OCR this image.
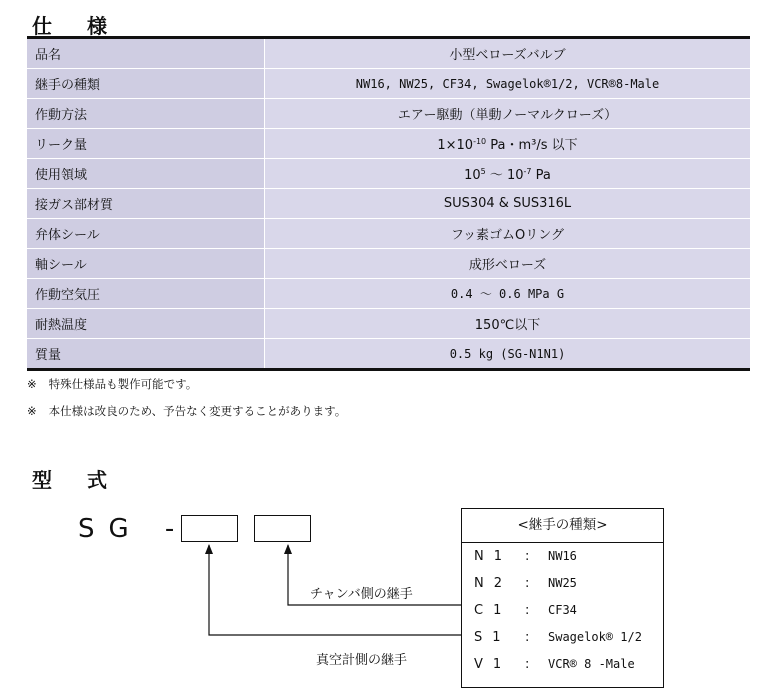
仕 様
品名	小型ベローズバルブ
継手の種類	NW16, NW25, CF34, Swagelok®1/2, VCR®8-Male
作動方法	エアー駆動（単動ノーマルクローズ）
リーク量	$1\times 10^{-10}$ Pa・m³/s 以下
使用領域	$10^5$ ～ $10^{-7}$ Pa
接ガス部材質	SUS304 & SUS316L
弁体シール	フッ素ゴムOリング
軸シール	成形ベローズ
作動空気圧	0.4 ～ 0.6 MPa G
耐熱温度	150℃以下
質量	0.5 kg (SG-N1N1)
※ 特殊仕様品も製作可能です。
※ 本仕様は改良のため、予告なく変更することがあります。
型 式
SG -
チャンバ側の継手
真空計側の継手
<継手の種類>
N1 : NW16
N2 : NW25
C1 : CF34
S1 : Swagelok® 1/2
V1 : VCR® 8 -Male
